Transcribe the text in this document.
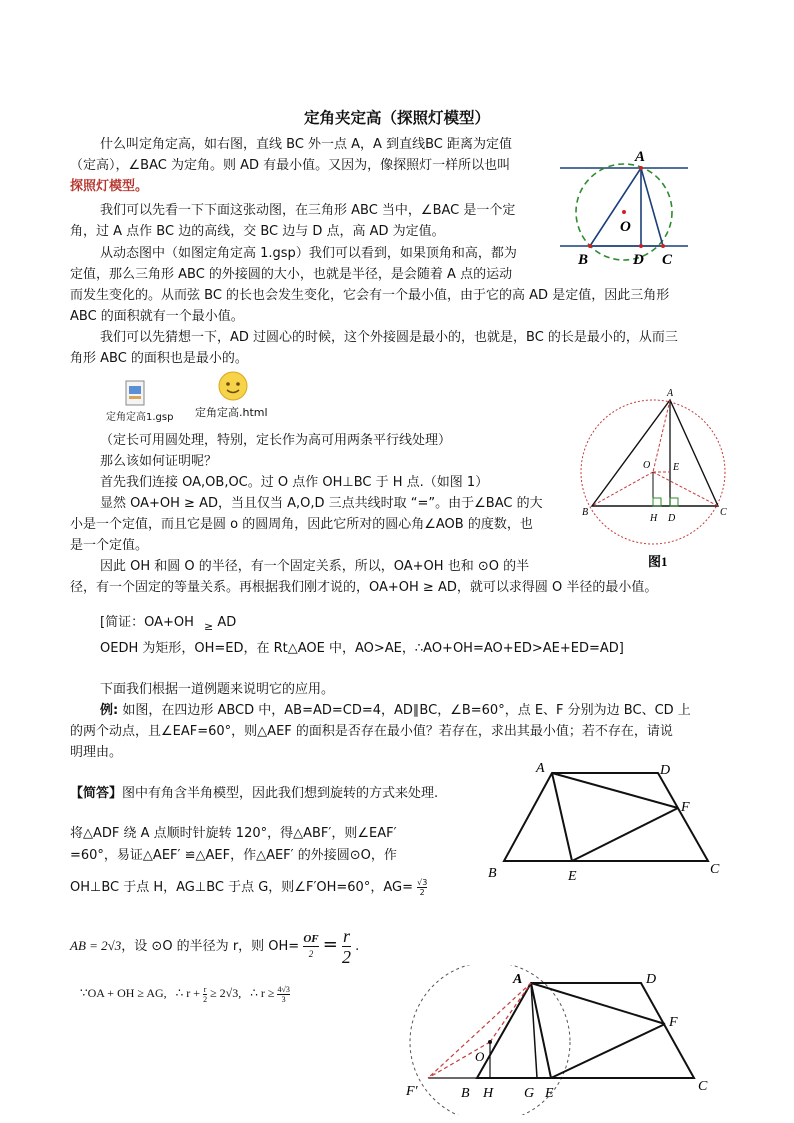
定角夹定高（探照灯模型）
什么叫定角定高，如右图，直线 BC 外一点 A，A 到直线BC 距离为定值
（定高），∠BAC 为定角。则 AD 有最小值。又因为，像探照灯一样所以也叫
探照灯模型。
我们可以先看一下下面这张动图，在三角形 ABC 当中，∠BAC 是一个定
角，过 A 点作 BC 边的高线，交 BC 边与 D 点，高 AD 为定值。
从动态图中（如图定角定高 1.gsp）我们可以看到，如果顶角和高，都为
定值，那么三角形 ABC 的外接圆的大小，也就是半径，是会随着 A 点的运动
而发生变化的。从而弦 BC 的长也会发生变化，它会有一个最小值，由于它的高 AD 是定值，因此三角形
ABC 的面积就有一个最小值。
我们可以先猜想一下，AD 过圆心的时候，这个外接圆是最小的，也就是，BC 的长是最小的，从而三
角形 ABC 的面积也是最小的。
A
O
B	D C
定角定高1.gsp 定角定高.html
（定长可用圆处理，特别，定长作为高可用两条平行线处理）
那么该如何证明呢？
首先我们连接 OA,OB,OC。过 O 点作 OH⊥BC 于 H 点.（如图 1）
显然 OA+OH ≥ AD，当且仅当 A,O,D 三点共线时取 “=”。由于∠BAC 的大
小是一个定值，而且它是圆 o 的圆周角，因此它所对的圆心角∠AOB 的度数，也
是一个定值。
因此 OH 和圆 O 的半径，有一个固定关系，所以，OA+OH 也和 ⊙O 的半
径，有一个固定的等量关系。再根据我们刚才说的，OA+OH ≥ AD，就可以求得圆 O 半径的最小值。
A
O E
B
H D
C
图1
[简证：OA+OH $_\ge$ AD
OEDH 为矩形，OH=ED，在 Rt△AOE 中，AO>AE，∴AO+OH=AO+ED>AE+ED=AD]
下面我们根据一道例题来说明它的应用。
例: 如图，在四边形 ABCD 中，AB=AD=CD=4，AD∥BC，∠B=60°，点 E、F 分别为边 BC、CD 上
的两个动点，且∠EAF=60°，则△AEF 的面积是否存在最小值？若存在，求出其最小值；若不存在，请说
明理由。
【简答】图中有角含半角模型，因此我们想到旋转的方式来处理.
将△ADF 绕 A 点顺时针旋转 120°，得△ABF′，则∠EAF′
=60°，易证△AEF′ ≌△AEF，作△AEF′ 的外接圆⊙O，作
OH⊥BC 于点 H，AG⊥BC 于点 G，则∠F′OH=60°，$AG= \frac{√3}{2}$
AB = 2√3，设 ⊙O 的半径为 r，则 OH= OF
$2 = \frac{r}{2}$ .
∵OA + OH ≥ AG, ∴ $r + \frac{r}{2} \ge 2√3$, ∴ $r \ge \frac{4√3}{3}$
A	D
F
B	E	C
A	D
F
O
F′	B H G E	C
